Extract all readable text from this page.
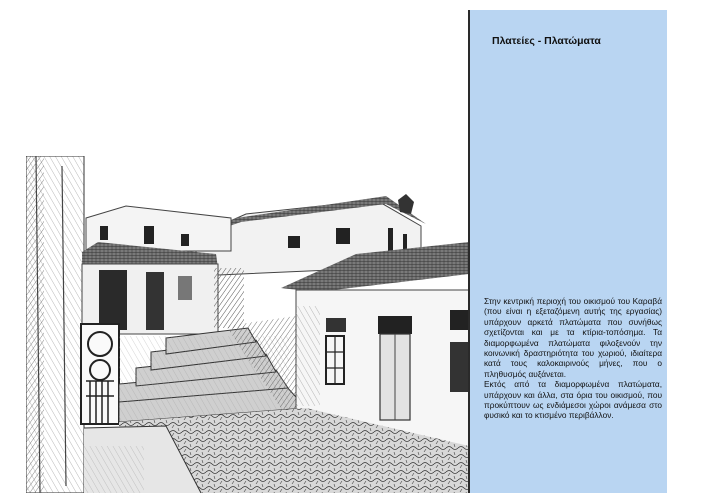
Πλατείες - Πλατώματα

Στην κεντρική περιοχή του οικισμού του Καραβά (που είναι η εξεταζόμενη αυτής της εργασίας) υπάρχουν αρκετά πλατώματα που συνήθως σχετίζονται και με τα κτίρια-τοπόσημα. Τα διαμορφωμένα πλατώματα φιλοξενούν την κοινωνική δραστηριότητα του χωριού, ιδιαίτερα κατά τους καλοκαιρινούς μήνες, που ο πληθυσμός αυξάνεται.

Εκτός από τα διαμορφωμένα πλατώματα, υπάρχουν και άλλα, στα όρια του οικισμού, που προκύπτουν ως ενδιάμεσοι χώροι ανάμεσα στο φυσικό και το κτισμένο περιβάλλον.
